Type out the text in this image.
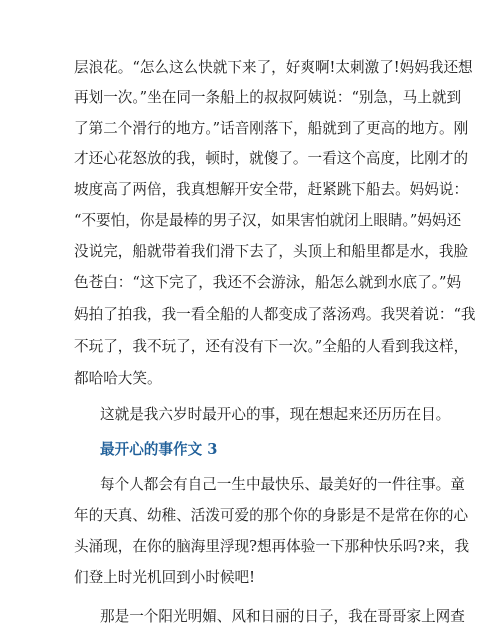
层浪花。“怎么这么快就下来了，好爽啊!太刺激了!妈妈我还想
再划一次。”坐在同一条船上的叔叔阿姨说：“别急，马上就到
了第二个滑行的地方。”话音刚落下，船就到了更高的地方。刚
才还心花怒放的我，顿时，就傻了。一看这个高度，比刚才的
坡度高了两倍，我真想解开安全带，赶紧跳下船去。妈妈说：
“不要怕，你是最棒的男子汉，如果害怕就闭上眼睛。”妈妈还
没说完，船就带着我们滑下去了，头顶上和船里都是水，我脸
色苍白：“这下完了，我还不会游泳，船怎么就到水底了。”妈
妈拍了拍我，我一看全船的人都变成了落汤鸡。我哭着说：“我
不玩了，我不玩了，还有没有下一次。”全船的人看到我这样，
都哈哈大笑。
这就是我六岁时最开心的事，现在想起来还历历在目。
最开心的事作文 3
每个人都会有自己一生中最快乐、最美好的一件往事。童
年的天真、幼稚、活泼可爱的那个你的身影是不是常在你的心
头涌现，在你的脑海里浮现?想再体验一下那种快乐吗?来，我
们登上时光机回到小时候吧!
那是一个阳光明媚、风和日丽的日子，我在哥哥家上网查
